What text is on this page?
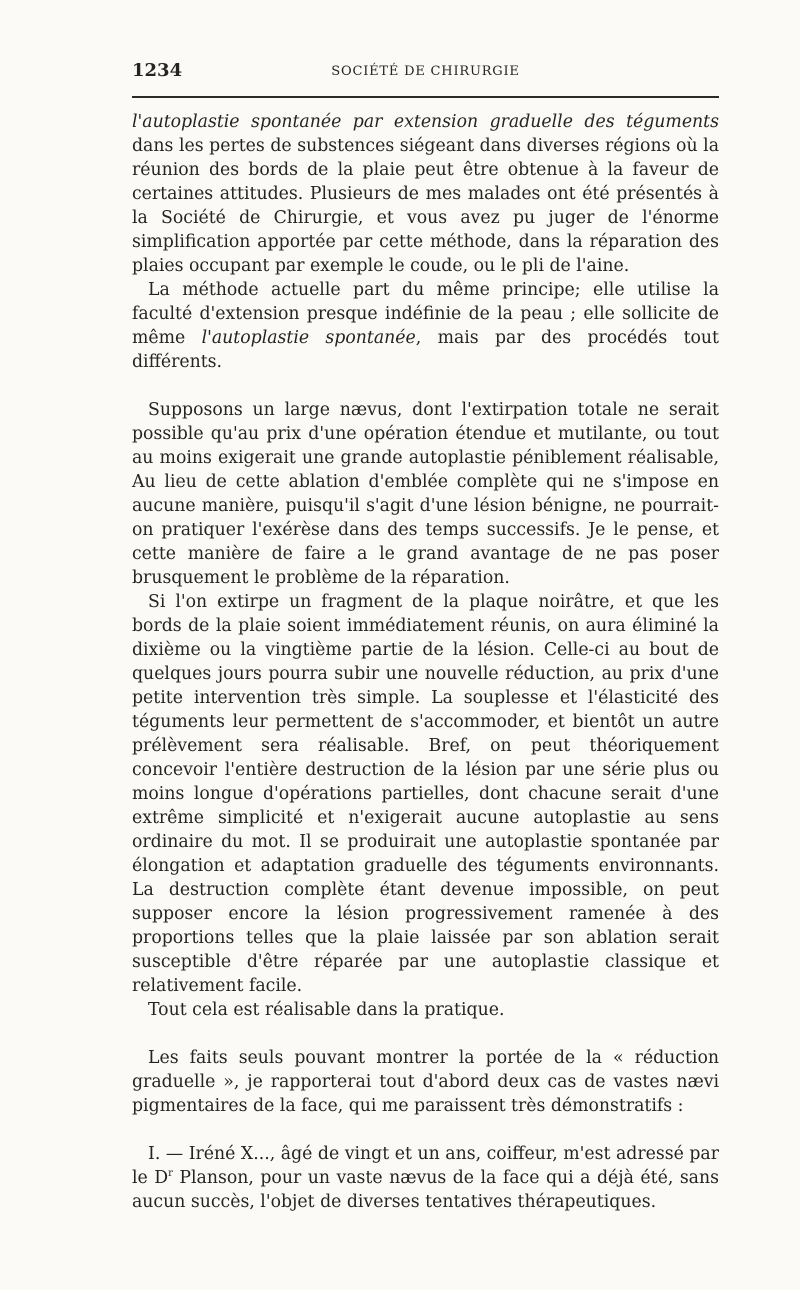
1234	SOCIÉTÉ DE CHIRURGIE

l'autoplastie spontanée par extension graduelle des téguments dans les pertes de substences siégeant dans diverses régions où la réunion des bords de la plaie peut être obtenue à la faveur de certaines attitudes. Plusieurs de mes malades ont été présentés à la Société de Chirurgie, et vous avez pu juger de l'énorme simplification apportée par cette méthode, dans la réparation des plaies occupant par exemple le coude, ou le pli de l'aine.

La méthode actuelle part du même principe; elle utilise la faculté d'extension presque indéfinie de la peau ; elle sollicite de même l'autoplastie spontanée, mais par des procédés tout différents.

Supposons un large nævus, dont l'extirpation totale ne serait possible qu'au prix d'une opération étendue et mutilante, ou tout au moins exigerait une grande autoplastie péniblement réalisable, Au lieu de cette ablation d'emblée complète qui ne s'impose en aucune manière, puisqu'il s'agit d'une lésion bénigne, ne pourrait-on pratiquer l'exérèse dans des temps successifs. Je le pense, et cette manière de faire a le grand avantage de ne pas poser brusquement le problème de la réparation.

Si l'on extirpe un fragment de la plaque noirâtre, et que les bords de la plaie soient immédiatement réunis, on aura éliminé la dixième ou la vingtième partie de la lésion. Celle-ci au bout de quelques jours pourra subir une nouvelle réduction, au prix d'une petite intervention très simple. La souplesse et l'élasticité des téguments leur permettent de s'accommoder, et bientôt un autre prélèvement sera réalisable. Bref, on peut théoriquement concevoir l'entière destruction de la lésion par une série plus ou moins longue d'opérations partielles, dont chacune serait d'une extrême simplicité et n'exigerait aucune autoplastie au sens ordinaire du mot. Il se produirait une autoplastie spontanée par élongation et adaptation graduelle des téguments environnants. La destruction complète étant devenue impossible, on peut supposer encore la lésion progressivement ramenée à des proportions telles que la plaie laissée par son ablation serait susceptible d'être réparée par une autoplastie classique et relativement facile.

Tout cela est réalisable dans la pratique.

Les faits seuls pouvant montrer la portée de la « réduction graduelle », je rapporterai tout d'abord deux cas de vastes nævi pigmentaires de la face, qui me paraissent très démonstratifs :

I. — Iréné X..., âgé de vingt et un ans, coiffeur, m'est adressé par le $D^r$ Planson, pour un vaste nævus de la face qui a déjà été, sans aucun succès, l'objet de diverses tentatives thérapeutiques.
